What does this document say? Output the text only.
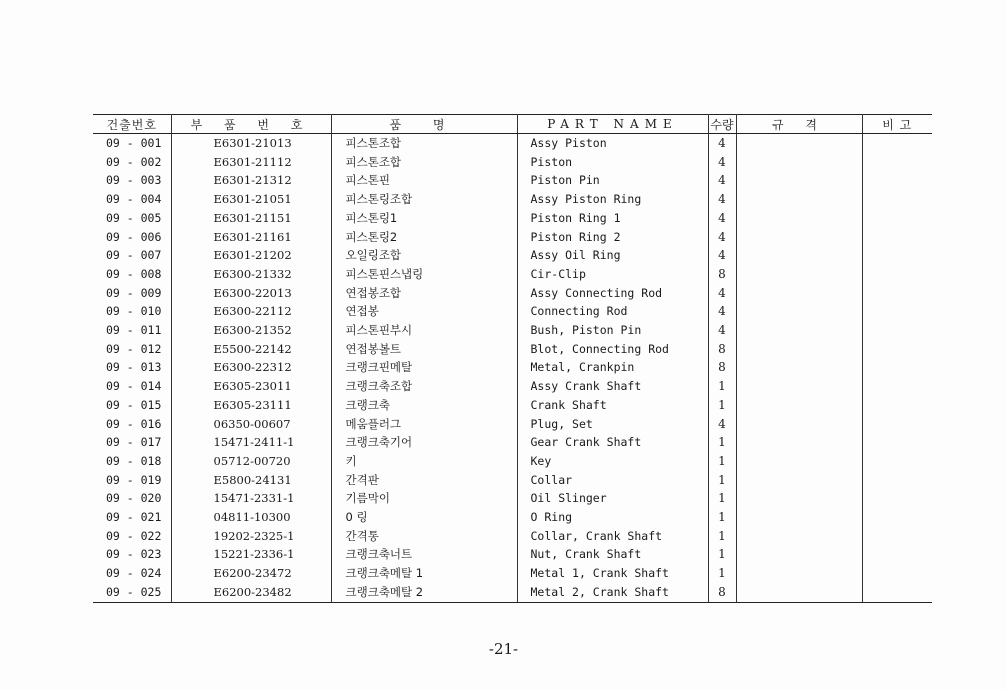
건출번호	부 품 번 호	품 명	PART NAME	수량	규 격	비 고
09 - 001	E6301-21013	피스톤조합	Assy Piston	4		
09 - 002	E6301-21112	피스톤조합	Piston	4		
09 - 003	E6301-21312	피스톤핀	Piston Pin	4		
09 - 004	E6301-21051	피스톤링조합	Assy Piston Ring	4		
09 - 005	E6301-21151	피스톤링1	Piston Ring 1	4		
09 - 006	E6301-21161	피스톤링2	Piston Ring 2	4		
09 - 007	E6301-21202	오일링조합	Assy Oil Ring	4		
09 - 008	E6300-21332	피스톤핀스냅링	Cir-Clip	8		
09 - 009	E6300-22013	연접봉조합	Assy Connecting Rod	4		
09 - 010	E6300-22112	연접봉	Connecting Rod	4		
09 - 011	E6300-21352	피스톤핀부시	Bush, Piston Pin	4		
09 - 012	E5500-22142	연접봉볼트	Blot, Connecting Rod	8		
09 - 013	E6300-22312	크랭크핀메탈	Metal, Crankpin	8		
09 - 014	E6305-23011	크랭크축조합	Assy Crank Shaft	1		
09 - 015	E6305-23111	크랭크축	Crank Shaft	1		
09 - 016	06350-00607	메움플러그	Plug, Set	4		
09 - 017	15471-2411-1	크랭크축기어	Gear Crank Shaft	1		
09 - 018	05712-00720	키	Key	1		
09 - 019	E5800-24131	간격판	Collar	1		
09 - 020	15471-2331-1	기름막이	Oil Slinger	1		
09 - 021	04811-10300	0 링	O Ring	1		
09 - 022	19202-2325-1	간격통	Collar, Crank Shaft	1		
09 - 023	15221-2336-1	크랭크축너트	Nut, Crank Shaft	1		
09 - 024	E6200-23472	크랭크축메탈 1	Metal 1, Crank Shaft	1		
09 - 025	E6200-23482	크랭크축메탈 2	Metal 2, Crank Shaft	8		
-21-
